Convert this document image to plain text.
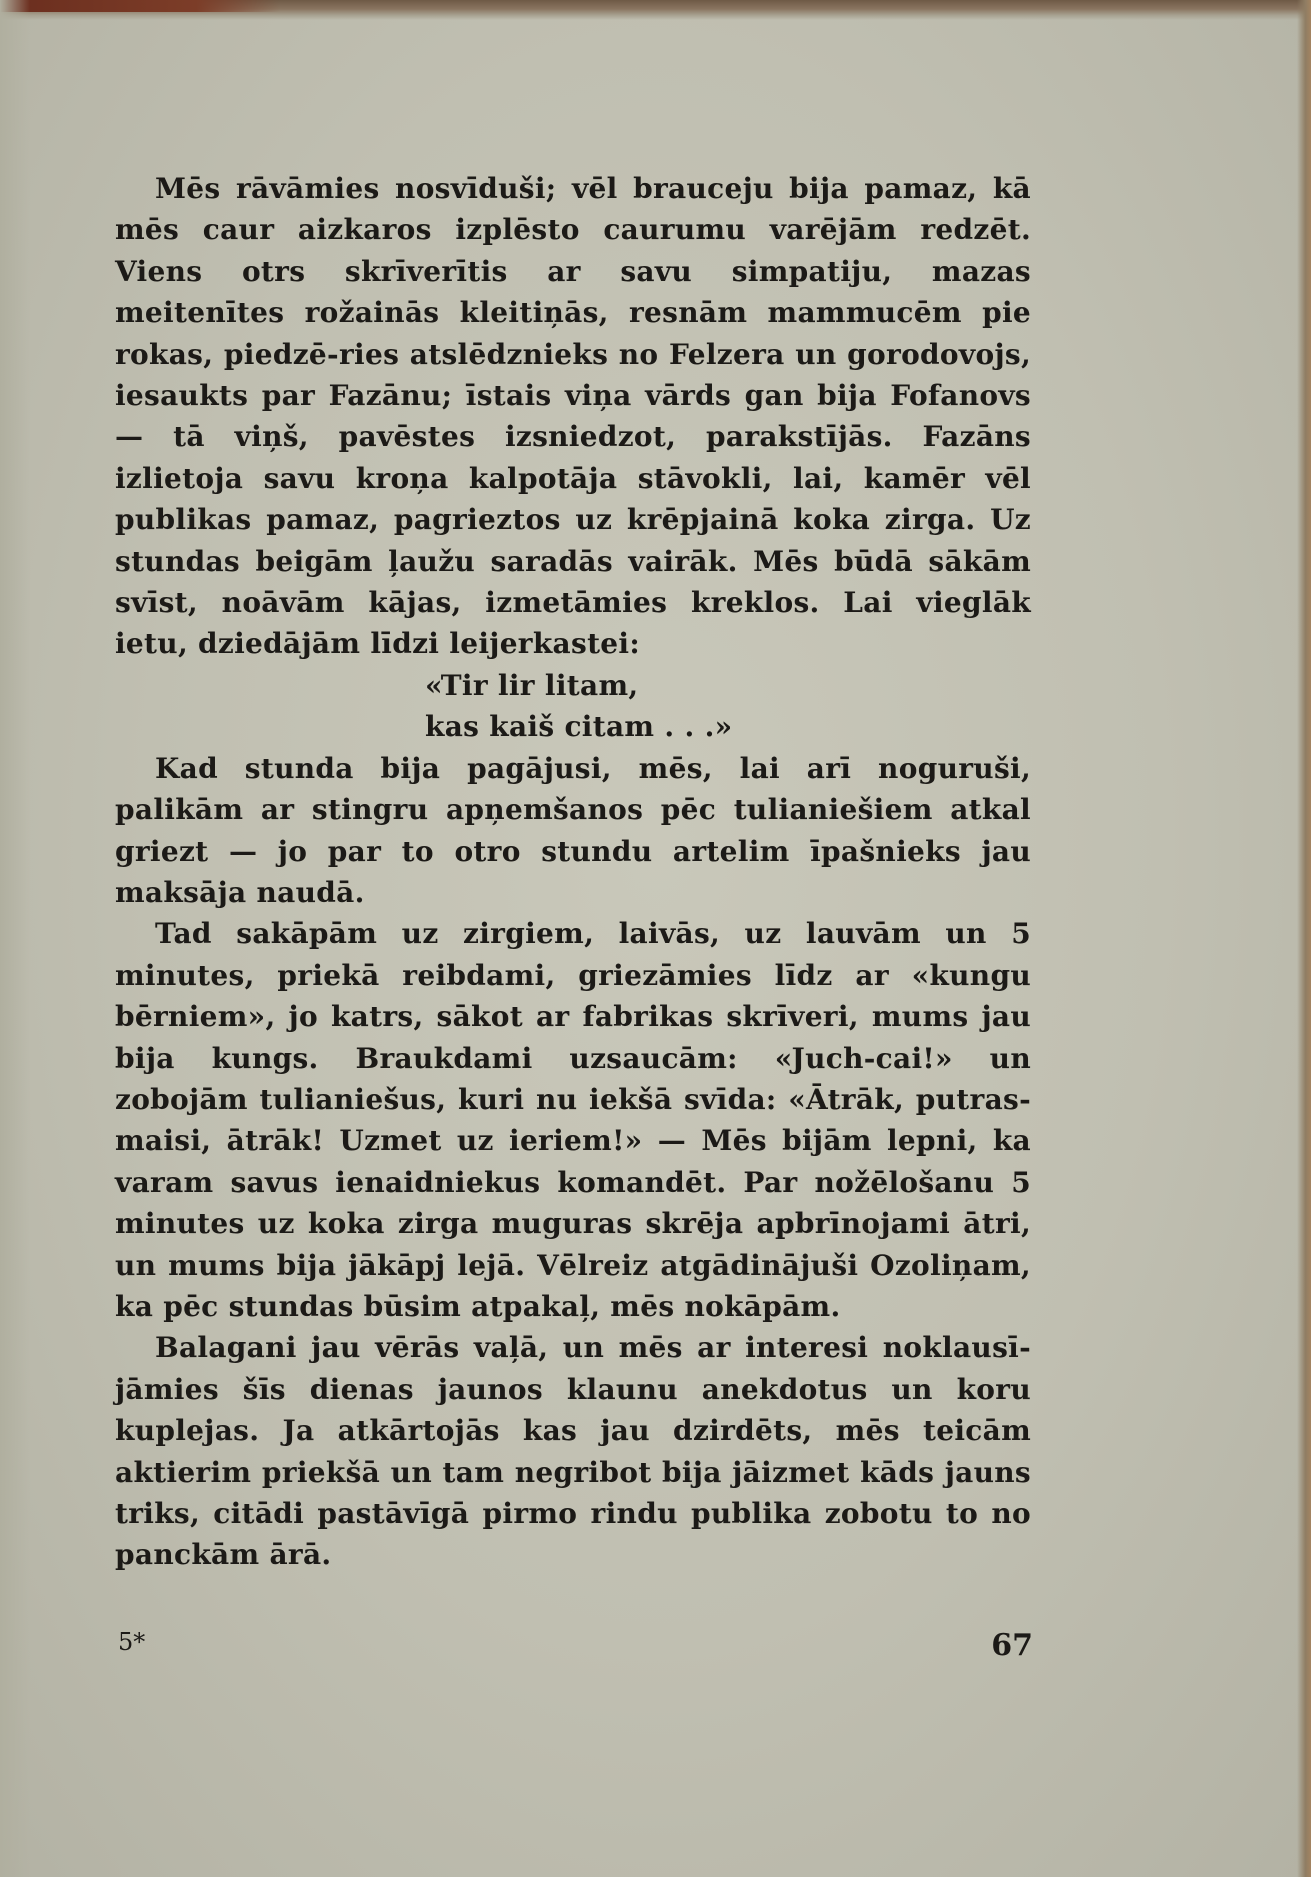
Mēs rāvāmies nosvīduši; vēl brauceju bija pamaz, kā mēs caur aizkaros izplēsto caurumu varējām redzēt. Viens otrs skrīverītis ar savu simpatiju, mazas meitenītes rožainās kleitiņās, resnām mammucēm pie rokas, piedzē-ries atslēdznieks no Felzera un gorodovojs, iesaukts par Fazānu; īstais viņa vārds gan bija Fofanovs — tā viņš, pavēstes izsniedzot, parakstījās. Fazāns izlietoja savu kroņa kalpotāja stāvokli, lai, kamēr vēl publikas pamaz, pagrieztos uz krēpjainā koka zirga. Uz stundas beigām ļaužu saradās vairāk. Mēs būdā sākām svīst, noāvām kājas, izmetāmies kreklos. Lai vieglāk ietu, dziedājām līdzi leijerkastei:

«Tir lir litam,
kas kaiš citam . . .»

Kad stunda bija pagājusi, mēs, lai arī noguruši, palikām ar stingru apņemšanos pēc tulianiešiem atkal griezt — jo par to otro stundu artelim īpašnieks jau maksāja naudā.

Tad sakāpām uz zirgiem, laivās, uz lauvām un 5 minutes, priekā reibdami, griezāmies līdz ar «kungu bērniem», jo katrs, sākot ar fabrikas skrīveri, mums jau bija kungs. Braukdami uzsaucām: «Juch-cai!» un zobojām tulianiešus, kuri nu iekšā svīda: «Ātrāk, putras-maisi, ātrāk! Uzmet uz ieriem!» — Mēs bijām lepni, ka varam savus ienaidniekus komandēt. Par nožēlošanu 5 minutes uz koka zirga muguras skrēja apbrīnojami ātri, un mums bija jākāpj lejā. Vēlreiz atgādinājuši Ozoliņam, ka pēc stundas būsim atpakaļ, mēs nokāpām.

Balagani jau vērās vaļā, un mēs ar interesi noklausī-jāmies šīs dienas jaunos klaunu anekdotus un koru kuplejas. Ja atkārtojās kas jau dzirdēts, mēs teicām aktierim priekšā un tam negribot bija jāizmet kāds jauns triks, citādi pastāvīgā pirmo rindu publika zobotu to no panckām ārā.

5*	67
